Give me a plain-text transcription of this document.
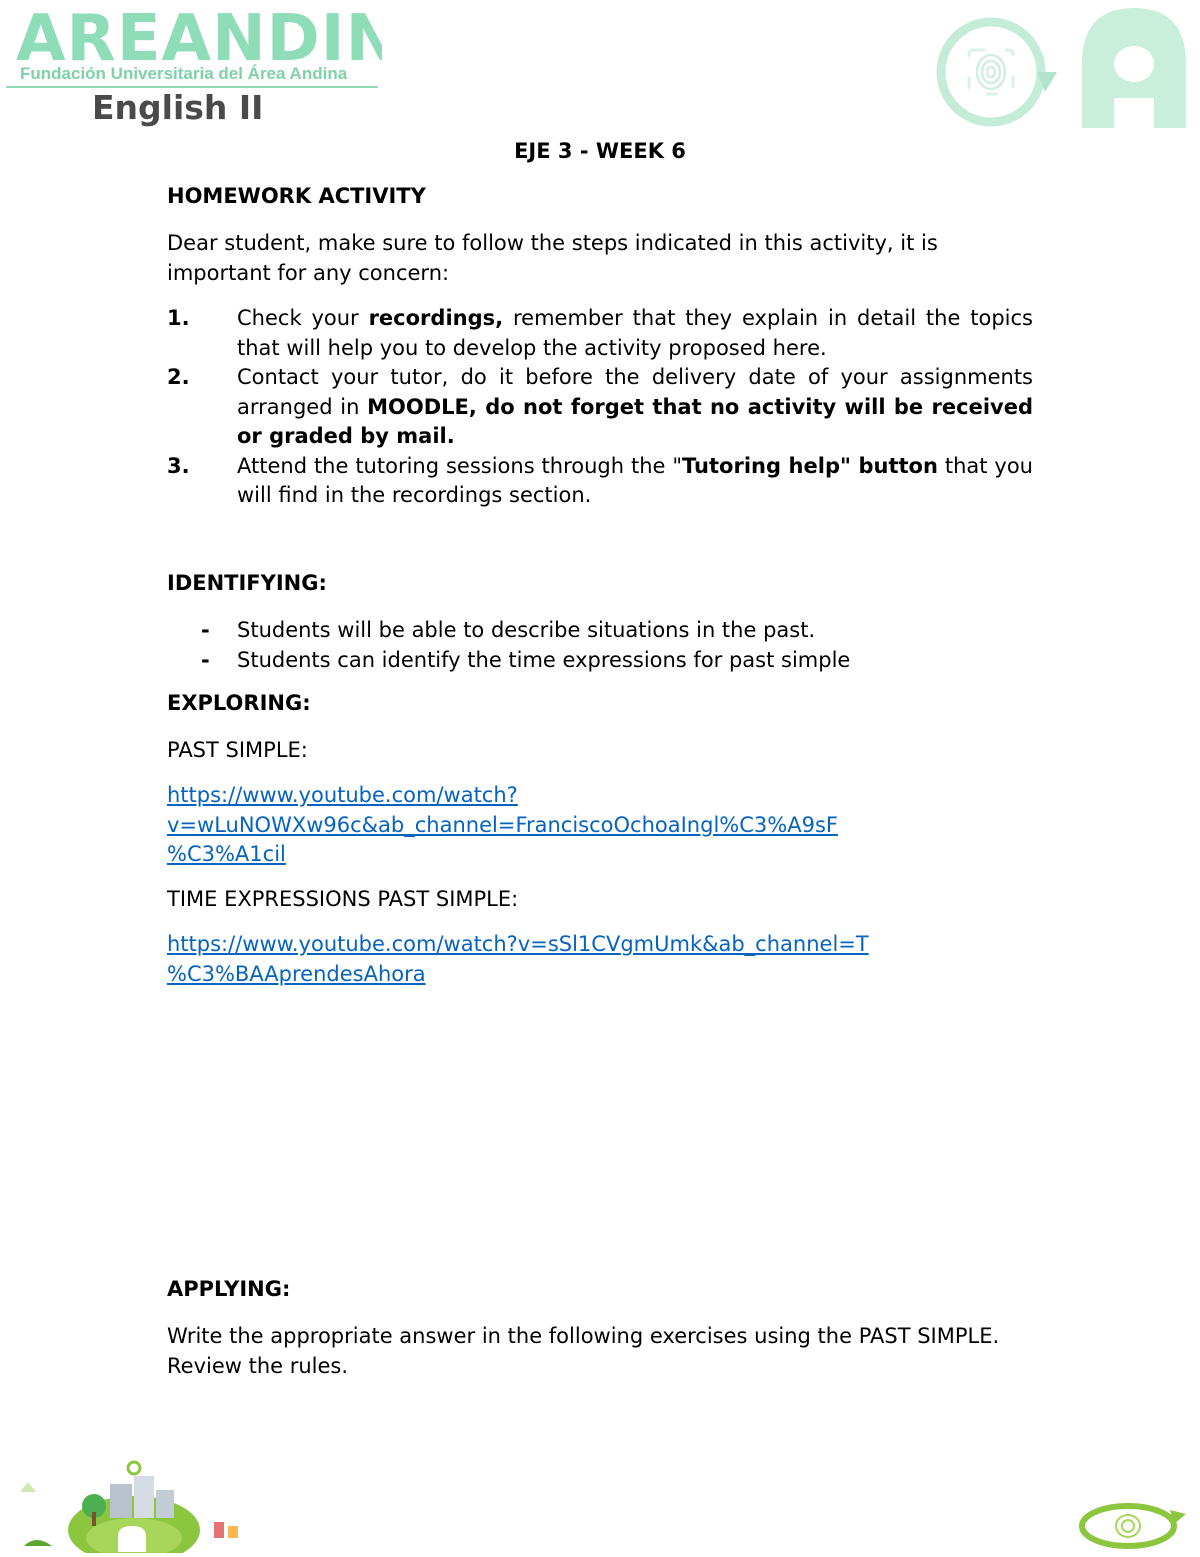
AREANDIN
Fundación Universitaria del Área Andina
English II
EJE 3 - WEEK 6
HOMEWORK ACTIVITY
Dear student, make sure to follow the steps indicated in this activity, it is important for any concern:
1. Check your recordings, remember that they explain in detail the topics that will help you to develop the activity proposed here.
2. Contact your tutor, do it before the delivery date of your assignments arranged in MOODLE, do not forget that no activity will be received or graded by mail.
3. Attend the tutoring sessions through the "Tutoring help" button that you will find in the recordings section.
IDENTIFYING:
- Students will be able to describe situations in the past.
- Students can identify the time expressions for past simple
EXPLORING:
PAST SIMPLE:
https://www.youtube.com/watch?
v=wLuNOWXw96c&ab_channel=FranciscoOchoaIngl%C3%A9sF
%C3%A1cil
TIME EXPRESSIONS PAST SIMPLE:
https://www.youtube.com/watch?v=sSl1CVgmUmk&ab_channel=T
%C3%BAAprendesAhora
APPLYING:
Write the appropriate answer in the following exercises using the PAST SIMPLE. Review the rules.
